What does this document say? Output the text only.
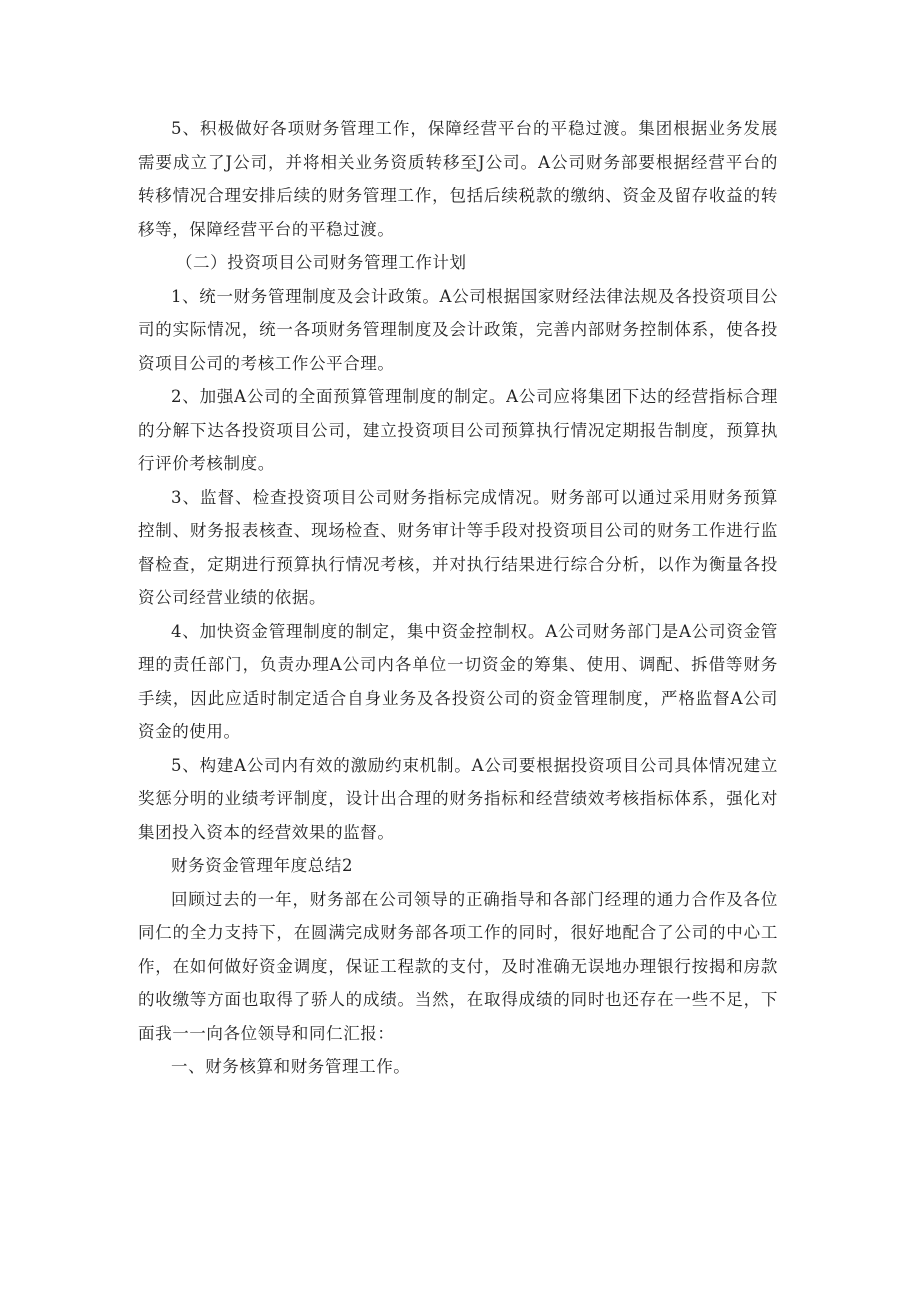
5、积极做好各项财务管理工作，保障经营平台的平稳过渡。集团根据业务发展需要成立了J公司，并将相关业务资质转移至J公司。A公司财务部要根据经营平台的转移情况合理安排后续的财务管理工作，包括后续税款的缴纳、资金及留存收益的转移等，保障经营平台的平稳过渡。

（二）投资项目公司财务管理工作计划

1、统一财务管理制度及会计政策。A公司根据国家财经法律法规及各投资项目公司的实际情况，统一各项财务管理制度及会计政策，完善内部财务控制体系，使各投资项目公司的考核工作公平合理。

2、加强A公司的全面预算管理制度的制定。A公司应将集团下达的经营指标合理的分解下达各投资项目公司，建立投资项目公司预算执行情况定期报告制度，预算执行评价考核制度。

3、监督、检查投资项目公司财务指标完成情况。财务部可以通过采用财务预算控制、财务报表核查、现场检查、财务审计等手段对投资项目公司的财务工作进行监督检查，定期进行预算执行情况考核，并对执行结果进行综合分析，以作为衡量各投资公司经营业绩的依据。

4、加快资金管理制度的制定，集中资金控制权。A公司财务部门是A公司资金管理的责任部门，负责办理A公司内各单位一切资金的筹集、使用、调配、拆借等财务手续，因此应适时制定适合自身业务及各投资公司的资金管理制度，严格监督A公司资金的使用。

5、构建A公司内有效的激励约束机制。A公司要根据投资项目公司具体情况建立奖惩分明的业绩考评制度，设计出合理的财务指标和经营绩效考核指标体系，强化对集团投入资本的经营效果的监督。

财务资金管理年度总结2

回顾过去的一年，财务部在公司领导的正确指导和各部门经理的通力合作及各位同仁的全力支持下，在圆满完成财务部各项工作的同时，很好地配合了公司的中心工作，在如何做好资金调度，保证工程款的支付，及时准确无误地办理银行按揭和房款的收缴等方面也取得了骄人的成绩。当然，在取得成绩的同时也还存在一些不足，下面我一一向各位领导和同仁汇报：

一、财务核算和财务管理工作。
